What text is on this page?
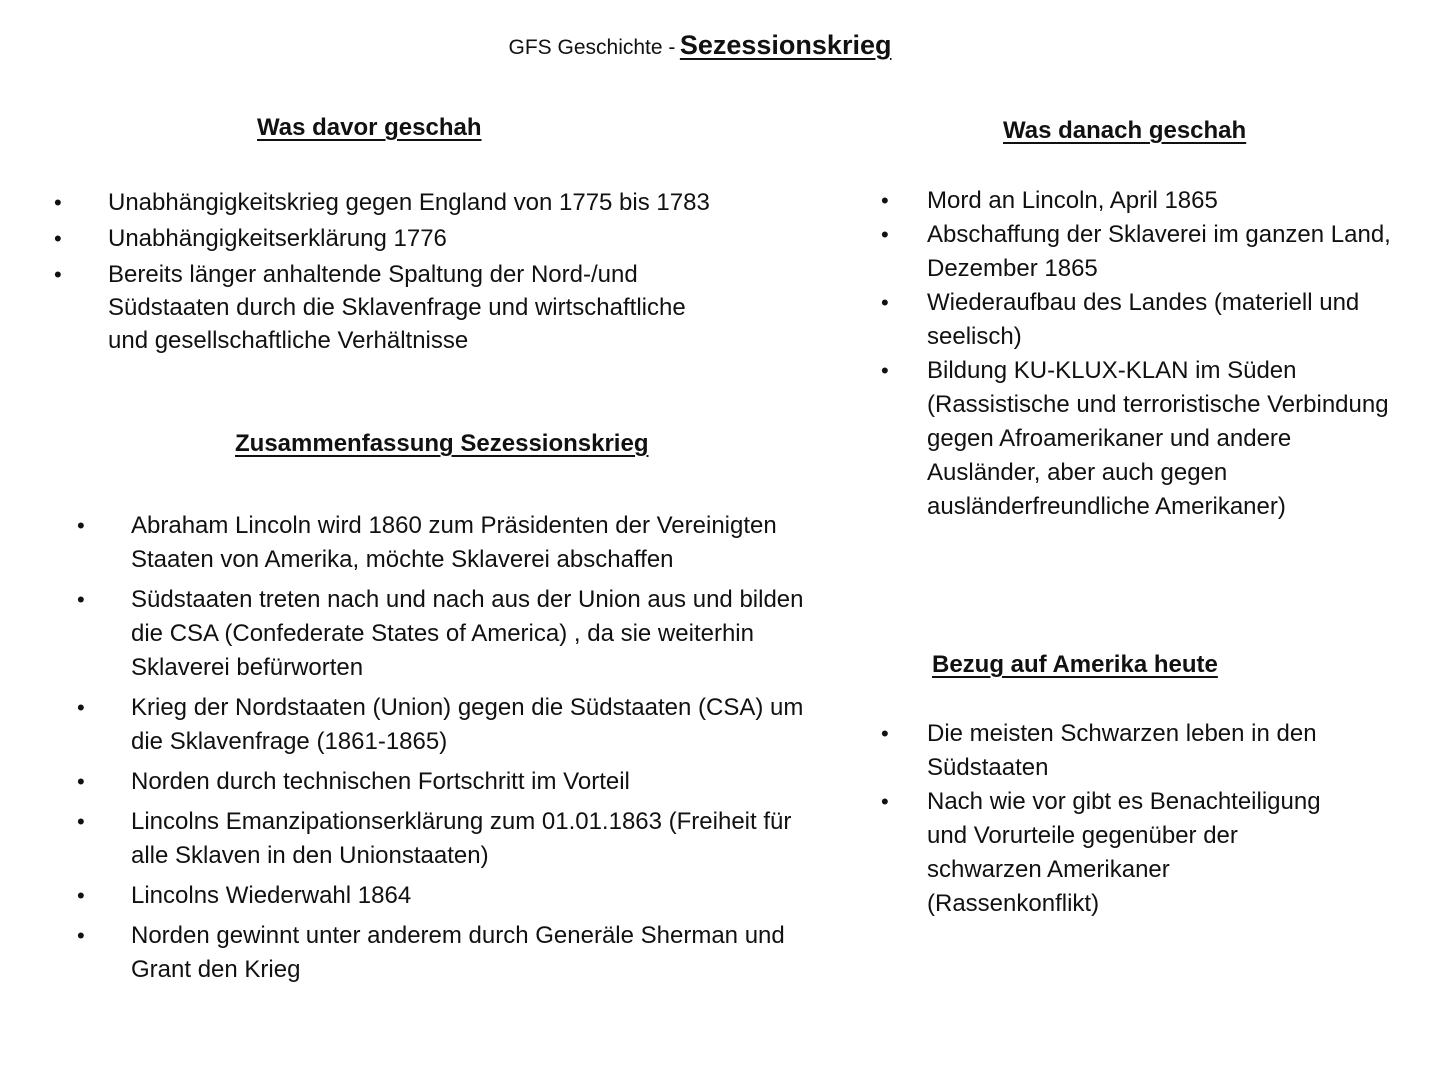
GFS Geschichte - Sezessionskrieg
Was davor geschah
• Unabhängigkeitskrieg gegen England von 1775 bis 1783
• Unabhängigkeitserklärung 1776
• Bereits länger anhaltende Spaltung der Nord-/und Südstaaten durch die Sklavenfrage und wirtschaftliche und gesellschaftliche Verhältnisse
Zusammenfassung Sezessionskrieg
• Abraham Lincoln wird 1860 zum Präsidenten der Vereinigten Staaten von Amerika, möchte Sklaverei abschaffen
• Südstaaten treten nach und nach aus der Union aus und bilden die CSA (Confederate States of America) , da sie weiterhin Sklaverei befürworten
• Krieg der Nordstaaten (Union) gegen die Südstaaten (CSA) um die Sklavenfrage (1861-1865)
• Norden durch technischen Fortschritt im Vorteil
• Lincolns Emanzipationserklärung zum 01.01.1863 (Freiheit für alle Sklaven in den Unionstaaten)
• Lincolns Wiederwahl 1864
• Norden gewinnt unter anderem durch Generäle Sherman und Grant den Krieg
Was danach geschah
• Mord an Lincoln, April 1865
• Abschaffung der Sklaverei im ganzen Land, Dezember 1865
• Wiederaufbau des Landes (materiell und seelisch)
• Bildung KU-KLUX-KLAN im Süden (Rassistische und terroristische Verbindung gegen Afroamerikaner und andere Ausländer, aber auch gegen ausländerfreundliche Amerikaner)
Bezug auf Amerika heute
• Die meisten Schwarzen leben in den Südstaaten
• Nach wie vor gibt es Benachteiligung und Vorurteile gegenüber der schwarzen Amerikaner (Rassenkonflikt)
